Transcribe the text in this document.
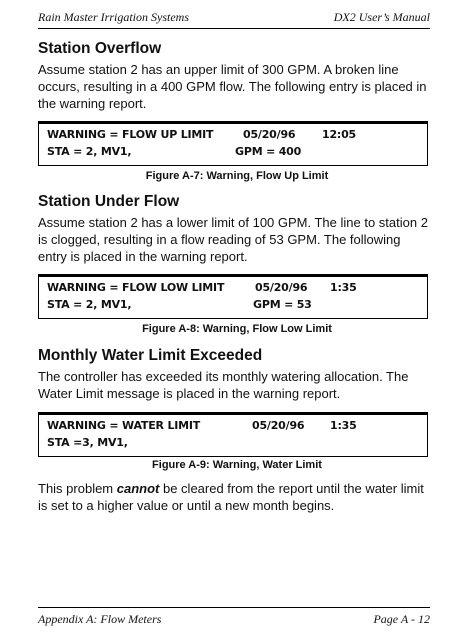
Rain Master Irrigation Systems	DX2 User’s Manual
Station Overflow

Assume station 2 has an upper limit of 300 GPM. A broken line occurs, resulting in a 400 GPM flow. The following entry is placed in the warning report.

WARNING = FLOW UP LIMIT	05/20/96 12:05
STA = 2, MV1,	GPM = 400
Figure A-7: Warning, Flow Up Limit
Station Under Flow

Assume station 2 has a lower limit of 100 GPM. The line to station 2 is clogged, resulting in a flow reading of 53 GPM. The following entry is placed in the warning report.

WARNING = FLOW LOW LIMIT	05/20/96 1:35
STA = 2, MV1,	GPM = 53
Figure A-8: Warning, Flow Low Limit
Monthly Water Limit Exceeded

The controller has exceeded its monthly watering allocation. The Water Limit message is placed in the warning report.

WARNING = WATER LIMIT	05/20/96 1:35
STA =3, MV1,
Figure A-9: Warning, Water Limit

This problem cannot be cleared from the report until the water limit is set to a higher value or until a new month begins.

Appendix A: Flow Meters	Page A - 12
